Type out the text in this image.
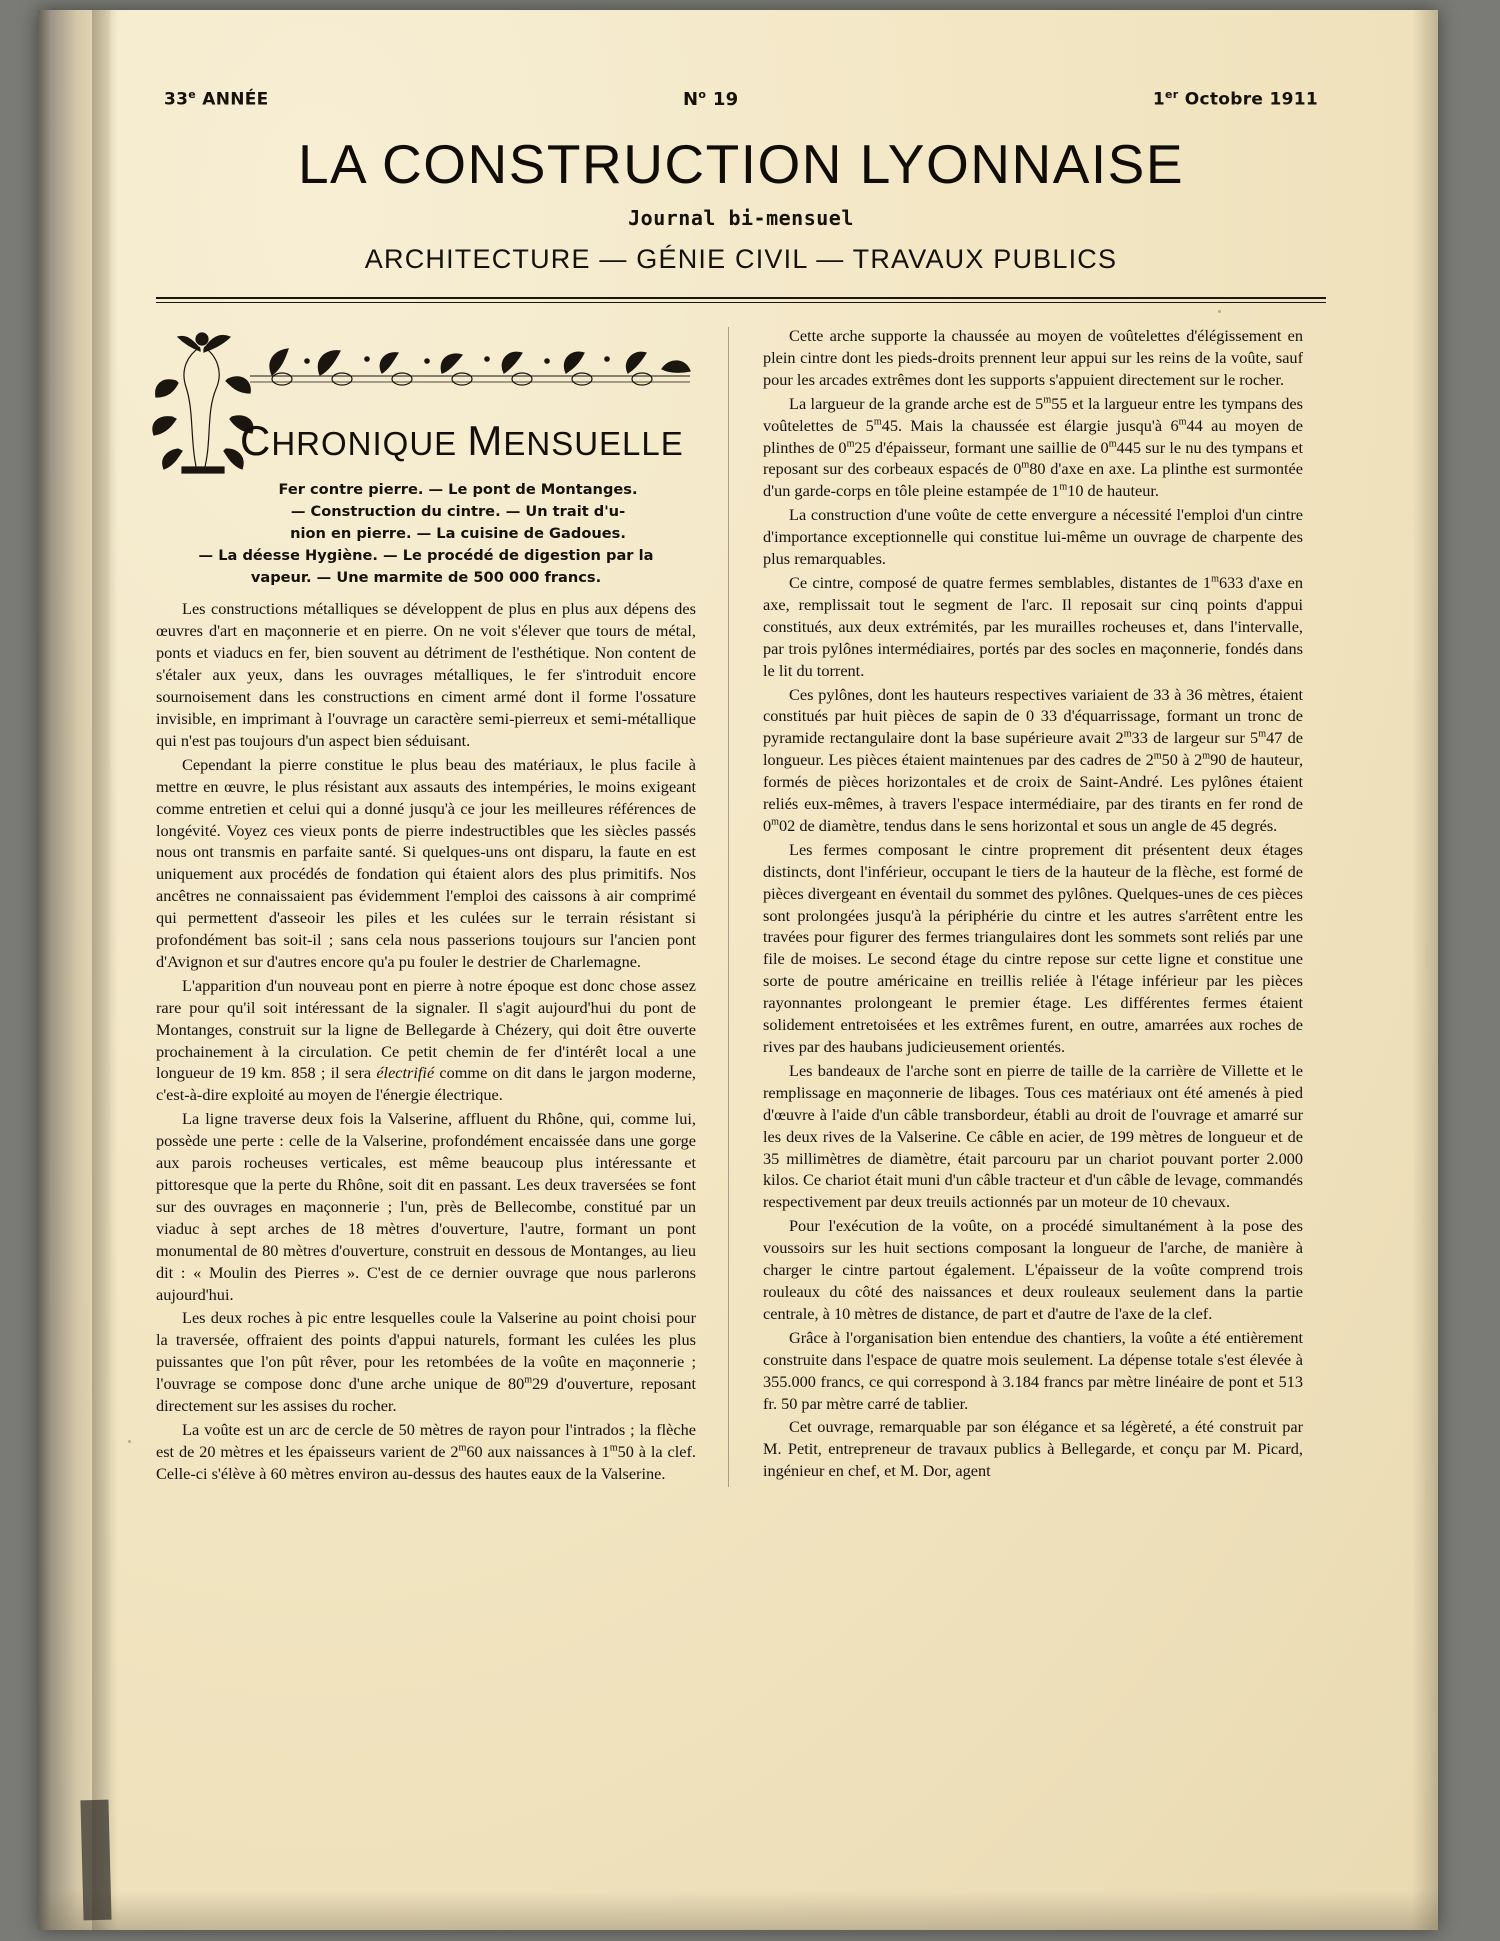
33e ANNÉE	$N^o$ 19	1er Octobre 1911
LA CONSTRUCTION LYONNAISE
Journal bi-mensuel
ARCHITECTURE — GÉNIE CIVIL — TRAVAUX PUBLICS
CHRONIQUE MENSUELLE
Fer contre pierre. — Le pont de Montanges.
— Construction du cintre. — Un trait d'u-
nion en pierre. — La cuisine de Gadoues.
— La déesse Hygiène. — Le procédé de digestion par la
vapeur. — Une marmite de 500 000 francs.

Les constructions métalliques se développent de plus en plus aux dépens des œuvres d'art en maçonnerie et en pierre. On ne voit s'élever que tours de métal, ponts et viaducs en fer, bien souvent au détriment de l'esthétique. Non content de s'étaler aux yeux, dans les ouvrages métalliques, le fer s'introduit encore sournoisement dans les constructions en ciment armé dont il forme l'ossature invisible, en imprimant à l'ouvrage un caractère semi-pierreux et semi-métallique qui n'est pas toujours d'un aspect bien séduisant.

Cependant la pierre constitue le plus beau des matériaux, le plus facile à mettre en œuvre, le plus résistant aux assauts des intempéries, le moins exigeant comme entretien et celui qui a donné jusqu'à ce jour les meilleures références de longévité. Voyez ces vieux ponts de pierre indestructibles que les siècles passés nous ont transmis en parfaite santé. Si quelques-uns ont disparu, la faute en est uniquement aux procédés de fondation qui étaient alors des plus primitifs. Nos ancêtres ne connaissaient pas évidemment l'emploi des caissons à air comprimé qui permettent d'asseoir les piles et les culées sur le terrain résistant si profondément bas soit-il ; sans cela nous passerions toujours sur l'ancien pont d'Avignon et sur d'autres encore qu'a pu fouler le destrier de Charlemagne.

L'apparition d'un nouveau pont en pierre à notre époque est donc chose assez rare pour qu'il soit intéressant de la signaler. Il s'agit aujourd'hui du pont de Montanges, construit sur la ligne de Bellegarde à Chézery, qui doit être ouverte prochainement à la circulation. Ce petit chemin de fer d'intérêt local a une longueur de 19 km. 858 ; il sera électrifié comme on dit dans le jargon moderne, c'est-à-dire exploité au moyen de l'énergie électrique.

La ligne traverse deux fois la Valserine, affluent du Rhône, qui, comme lui, possède une perte : celle de la Valserine, profondément encaissée dans une gorge aux parois rocheuses verticales, est même beaucoup plus intéressante et pittoresque que la perte du Rhône, soit dit en passant. Les deux traversées se font sur des ouvrages en maçonnerie ; l'un, près de Bellecombe, constitué par un viaduc à sept arches de 18 mètres d'ouverture, l'autre, formant un pont monumental de 80 mètres d'ouverture, construit en dessous de Montanges, au lieu dit : « Moulin des Pierres ». C'est de ce dernier ouvrage que nous parlerons aujourd'hui.

Les deux roches à pic entre lesquelles coule la Valserine au point choisi pour la traversée, offraient des points d'appui naturels, formant les culées les plus puissantes que l'on pût rêver, pour les retombées de la voûte en maçonnerie ; l'ouvrage se compose donc d'une arche unique de 80$^m$29 d'ouverture, reposant directement sur les assises du rocher.

La voûte est un arc de cercle de 50 mètres de rayon pour l'intrados ; la flèche est de 20 mètres et les épaisseurs varient de 2$^m$60 aux naissances à 1$^m$50 à la clef. Celle-ci s'élève à 60 mètres environ au-dessus des hautes eaux de la Valserine.

Cette arche supporte la chaussée au moyen de voûtelettes d'élégissement en plein cintre dont les pieds-droits prennent leur appui sur les reins de la voûte, sauf pour les arcades extrêmes dont les supports s'appuient directement sur le rocher.

La largueur de la grande arche est de 5$^m$55 et la largueur entre les tympans des voûtelettes de 5$^m$45. Mais la chaussée est élargie jusqu'à 6$^m$44 au moyen de plinthes de 0$^m$25 d'épaisseur, formant une saillie de 0$^m$445 sur le nu des tympans et reposant sur des corbeaux espacés de 0$^m$80 d'axe en axe. La plinthe est surmontée d'un garde-corps en tôle pleine estampée de 1$^m$10 de hauteur.

La construction d'une voûte de cette envergure a nécessité l'emploi d'un cintre d'importance exceptionnelle qui constitue lui-même un ouvrage de charpente des plus remarquables.

Ce cintre, composé de quatre fermes semblables, distantes de 1$^m$633 d'axe en axe, remplissait tout le segment de l'arc. Il reposait sur cinq points d'appui constitués, aux deux extrémités, par les murailles rocheuses et, dans l'intervalle, par trois pylônes intermédiaires, portés par des socles en maçonnerie, fondés dans le lit du torrent.

Ces pylônes, dont les hauteurs respectives variaient de 33 à 36 mètres, étaient constitués par huit pièces de sapin de 0 33 d'équarrissage, formant un tronc de pyramide rectangulaire dont la base supérieure avait 2$^m$33 de largeur sur 5$^m$47 de longueur. Les pièces étaient maintenues par des cadres de 2$^m$50 à 2$^m$90 de hauteur, formés de pièces horizontales et de croix de Saint-André. Les pylônes étaient reliés eux-mêmes, à travers l'espace intermédiaire, par des tirants en fer rond de 0$^m$02 de diamètre, tendus dans le sens horizontal et sous un angle de 45 degrés.

Les fermes composant le cintre proprement dit présentent deux étages distincts, dont l'inférieur, occupant le tiers de la hauteur de la flèche, est formé de pièces divergeant en éventail du sommet des pylônes. Quelques-unes de ces pièces sont prolongées jusqu'à la périphérie du cintre et les autres s'arrêtent entre les travées pour figurer des fermes triangulaires dont les sommets sont reliés par une file de moises. Le second étage du cintre repose sur cette ligne et constitue une sorte de poutre américaine en treillis reliée à l'étage inférieur par les pièces rayonnantes prolongeant le premier étage. Les différentes fermes étaient solidement entretoisées et les extrêmes furent, en outre, amarrées aux roches de rives par des haubans judicieusement orientés.

Les bandeaux de l'arche sont en pierre de taille de la carrière de Villette et le remplissage en maçonnerie de libages. Tous ces matériaux ont été amenés à pied d'œuvre à l'aide d'un câble transbordeur, établi au droit de l'ouvrage et amarré sur les deux rives de la Valserine. Ce câble en acier, de 199 mètres de longueur et de 35 millimètres de diamètre, était parcouru par un chariot pouvant porter 2.000 kilos. Ce chariot était muni d'un câble tracteur et d'un câble de levage, commandés respectivement par deux treuils actionnés par un moteur de 10 chevaux.

Pour l'exécution de la voûte, on a procédé simultanément à la pose des voussoirs sur les huit sections composant la longueur de l'arche, de manière à charger le cintre partout également. L'épaisseur de la voûte comprend trois rouleaux du côté des naissances et deux rouleaux seulement dans la partie centrale, à 10 mètres de distance, de part et d'autre de l'axe de la clef.

Grâce à l'organisation bien entendue des chantiers, la voûte a été entièrement construite dans l'espace de quatre mois seulement. La dépense totale s'est élevée à 355.000 francs, ce qui correspond à 3.184 francs par mètre linéaire de pont et 513 fr. 50 par mètre carré de tablier.

Cet ouvrage, remarquable par son élégance et sa légèreté, a été construit par M. Petit, entrepreneur de travaux publics à Bellegarde, et conçu par M. Picard, ingénieur en chef, et M. Dor, agent
